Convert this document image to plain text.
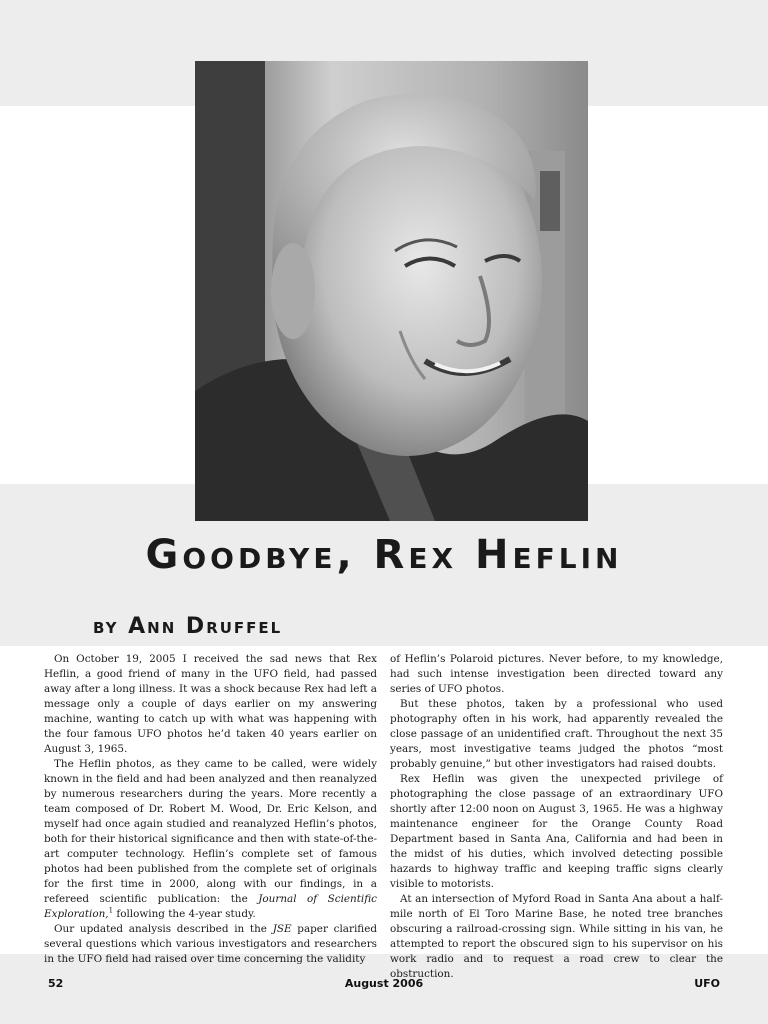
Goodbye, Rex Heflin
by Ann Druffel

On October 19, 2005 I received the sad news that Rex Heflin, a good friend of many in the UFO field, had passed away after a long illness. It was a shock because Rex had left a message only a couple of days earlier on my answering machine, wanting to catch up with what was happening with the four famous UFO photos he’d taken 40 years earlier on August 3, 1965.

The Heflin photos, as they came to be called, were widely known in the field and had been analyzed and then reanalyzed by numerous researchers during the years. More recently a team composed of Dr. Robert M. Wood, Dr. Eric Kelson, and myself had once again studied and reanalyzed Heflin’s photos, both for their historical significance and then with state-of-the-art computer technology. Heflin’s complete set of famous photos had been published from the complete set of originals for the first time in 2000, along with our findings, in a refereed scientific publication: the Journal of Scientific Exploration,$^1$ following the 4-year study.

Our updated analysis described in the JSE paper clarified several questions which various investigators and researchers in the UFO field had raised over time concerning the validity

of Heflin’s Polaroid pictures. Never before, to my knowledge, had such intense investigation been directed toward any series of UFO photos.

But these photos, taken by a professional who used photography often in his work, had apparently revealed the close passage of an unidentified craft. Throughout the next 35 years, most investigative teams judged the photos “most probably genuine,” but other investigators had raised doubts.

Rex Heflin was given the unexpected privilege of photographing the close passage of an extraordinary UFO shortly after 12:00 noon on August 3, 1965. He was a highway maintenance engineer for the Orange County Road Department based in Santa Ana, California and had been in the midst of his duties, which involved detecting possible hazards to highway traffic and keeping traffic signs clearly visible to motorists.

At an intersection of Myford Road in Santa Ana about a half-mile north of El Toro Marine Base, he noted tree branches obscuring a railroad-crossing sign. While sitting in his van, he attempted to report the obscured sign to his supervisor on his work radio and to request a road crew to clear the obstruction.

52	August 2006	UFO
